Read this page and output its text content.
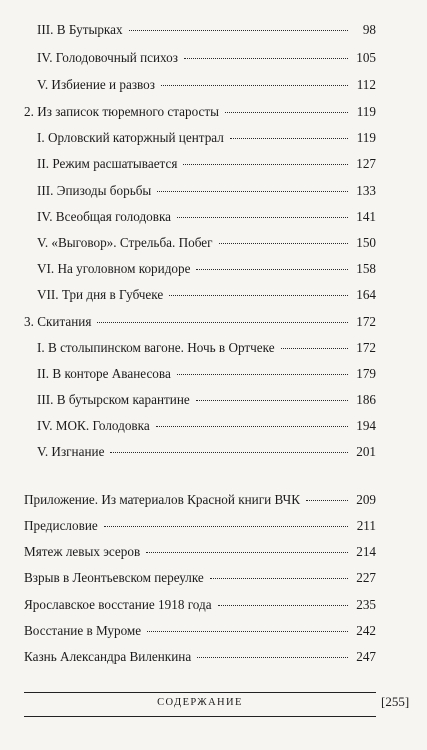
III. В Бутырках	98
IV. Голодовочный психоз	105
V. Избиение и развоз	112
2. Из записок тюремного старосты	119
I. Орловский каторжный централ	119
II. Режим расшатывается	127
III. Эпизоды борьбы	133
IV. Всеобщая голодовка	141
V. «Выговор». Стрельба. Побег	150
VI. На уголовном коридоре	158
VII. Три дня в Губчеке	164
3. Скитания	172
I. В столыпинском вагоне. Ночь в Ортчеке	172
II. В конторе Аванесова	179
III. В бутырском карантине	186
IV. МОК. Голодовка	194
V. Изгнание	201
Приложение. Из материалов Красной книги ВЧК	209
Предисловие	211
Мятеж левых эсеров	214
Взрыв в Леонтьевском переулке	227
Ярославское восстание 1918 года	235
Восстание в Муроме	242
Казнь Александра Виленкина	247
СОДЕРЖАНИЕ	[255]
